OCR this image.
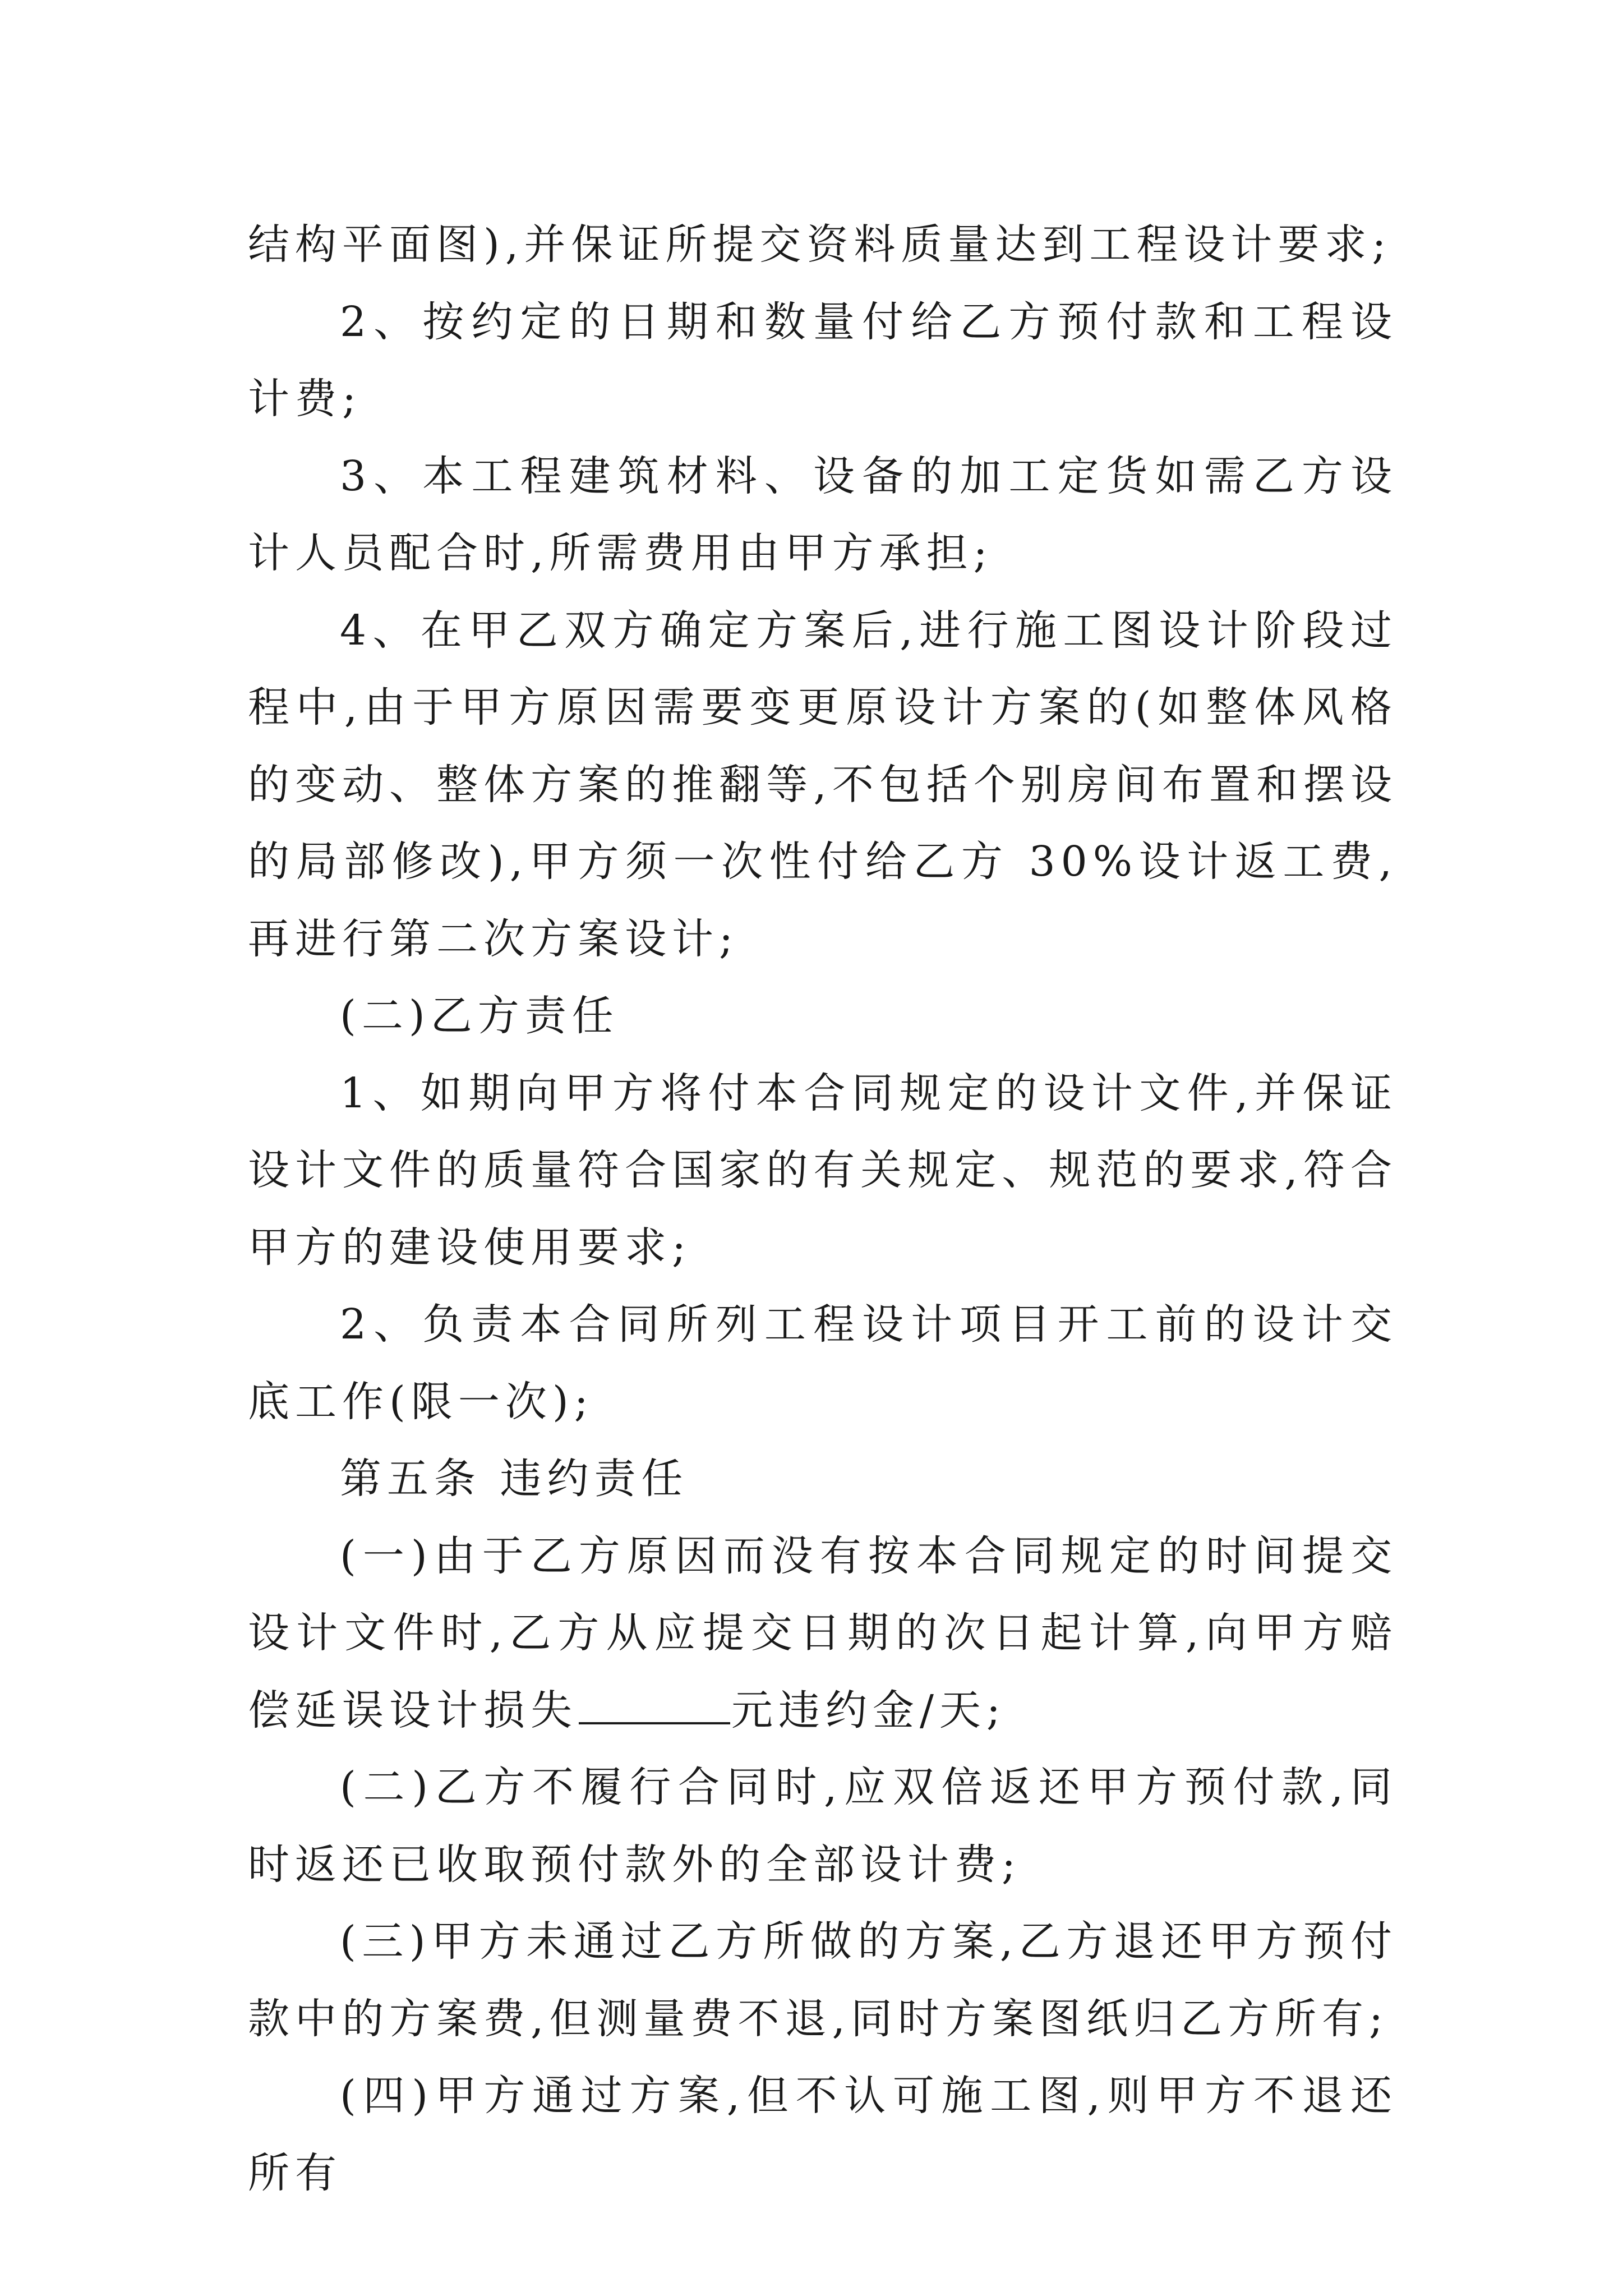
结构平面图),并保证所提交资料质量达到工程设计要求;

2、按约定的日期和数量付给乙方预付款和工程设计费;

3、本工程建筑材料、设备的加工定货如需乙方设计人员配合时,所需费用由甲方承担;

4、在甲乙双方确定方案后,进行施工图设计阶段过程中,由于甲方原因需要变更原设计方案的(如整体风格的变动、整体方案的推翻等,不包括个别房间布置和摆设的局部修改),甲方须一次性付给乙方 30%设计返工费,再进行第二次方案设计;

(二)乙方责任

1、如期向甲方将付本合同规定的设计文件,并保证设计文件的质量符合国家的有关规定、规范的要求,符合甲方的建设使用要求;

2、负责本合同所列工程设计项目开工前的设计交底工作(限一次);

第五条 违约责任

(一)由于乙方原因而没有按本合同规定的时间提交设计文件时,乙方从应提交日期的次日起计算,向甲方赔偿延误设计损失	元违约金/天;

(二)乙方不履行合同时,应双倍返还甲方预付款,同时返还已收取预付款外的全部设计费;

(三)甲方未通过乙方所做的方案,乙方退还甲方预付款中的方案费,但测量费不退,同时方案图纸归乙方所有;

(四)甲方通过方案,但不认可施工图,则甲方不退还所有
